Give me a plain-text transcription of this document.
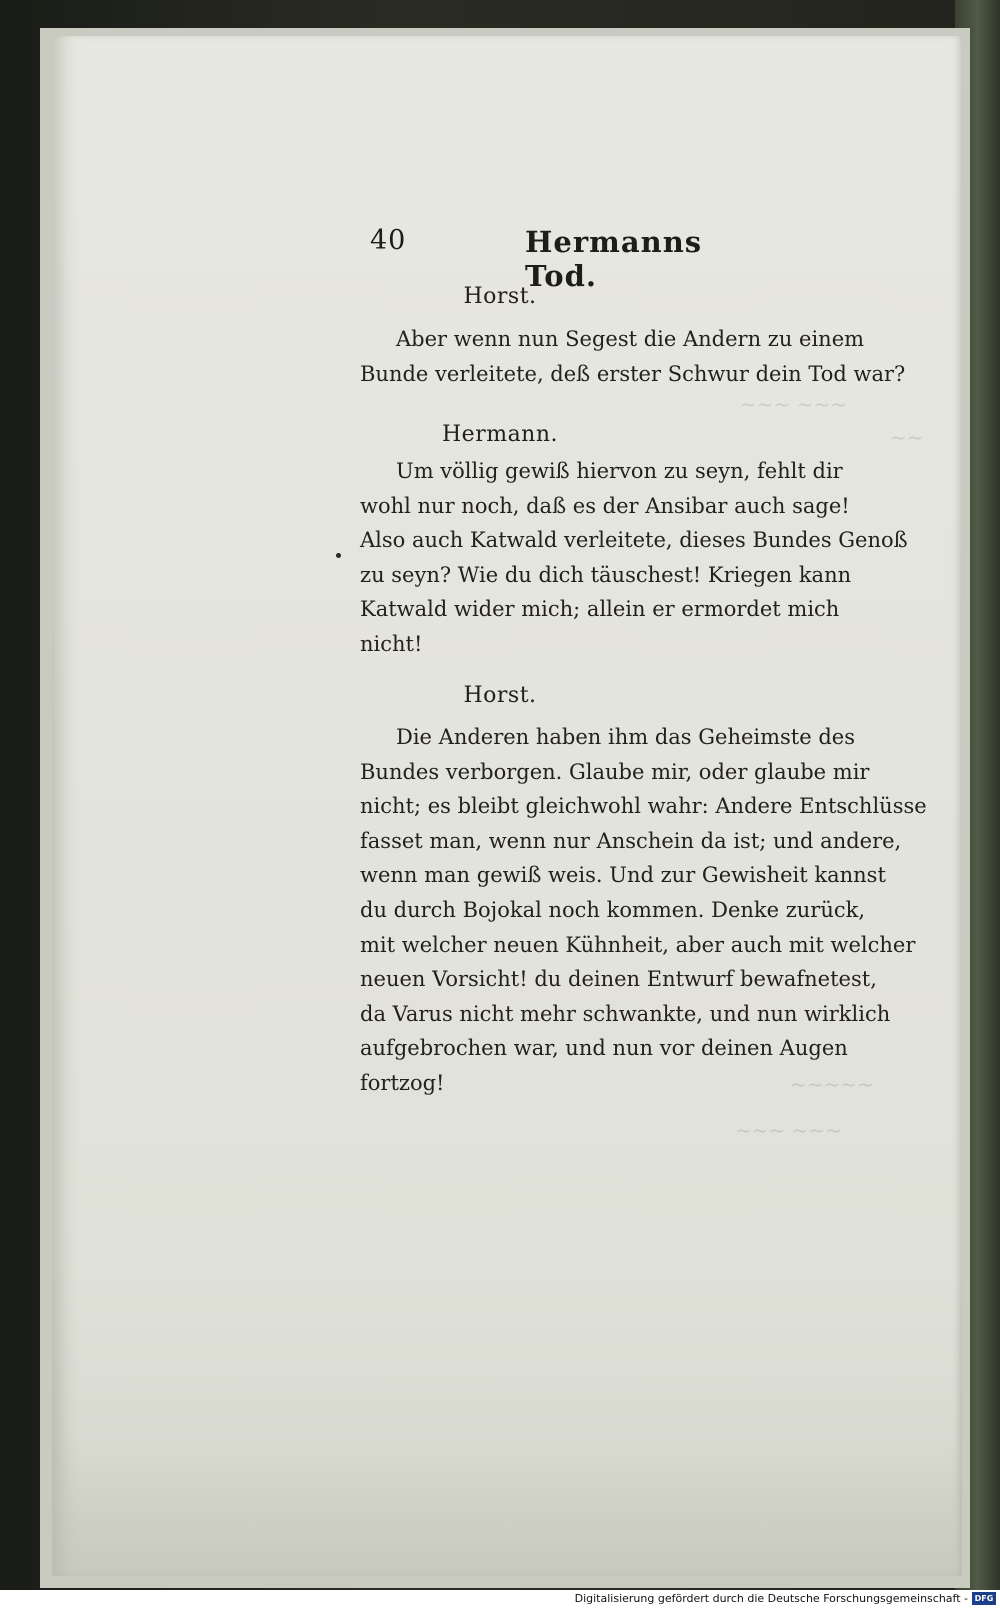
~~~ ~~~
~~
~~~~~
~~~ ~~~
40	Hermanns Tod.
Horst.
Aber wenn nun Segest die Andern zu einem
Bunde verleitete, deß erster Schwur dein Tod war?
Hermann.
Um völlig gewiß hiervon zu seyn, fehlt dir
wohl nur noch, daß es der Ansibar auch sage!
Also auch Katwald verleitete, dieses Bundes Genoß
zu seyn? Wie du dich täuschest! Kriegen kann
Katwald wider mich; allein er ermordet mich
nicht!
Horst.
Die Anderen haben ihm das Geheimste des
Bundes verborgen. Glaube mir, oder glaube mir
nicht; es bleibt gleichwohl wahr: Andere Entschlüsse
fasset man, wenn nur Anschein da ist; und andere,
wenn man gewiß weis. Und zur Gewisheit kannst
du durch Bojokal noch kommen. Denke zurück,
mit welcher neuen Kühnheit, aber auch mit welcher
neuen Vorsicht! du deinen Entwurf bewafnetest,
da Varus nicht mehr schwankte, und nun wirklich
aufgebrochen war, und nun vor deinen Augen
fortzog!
Digitalisierung gefördert durch die Deutsche Forschungsgemeinschaft - DFG
